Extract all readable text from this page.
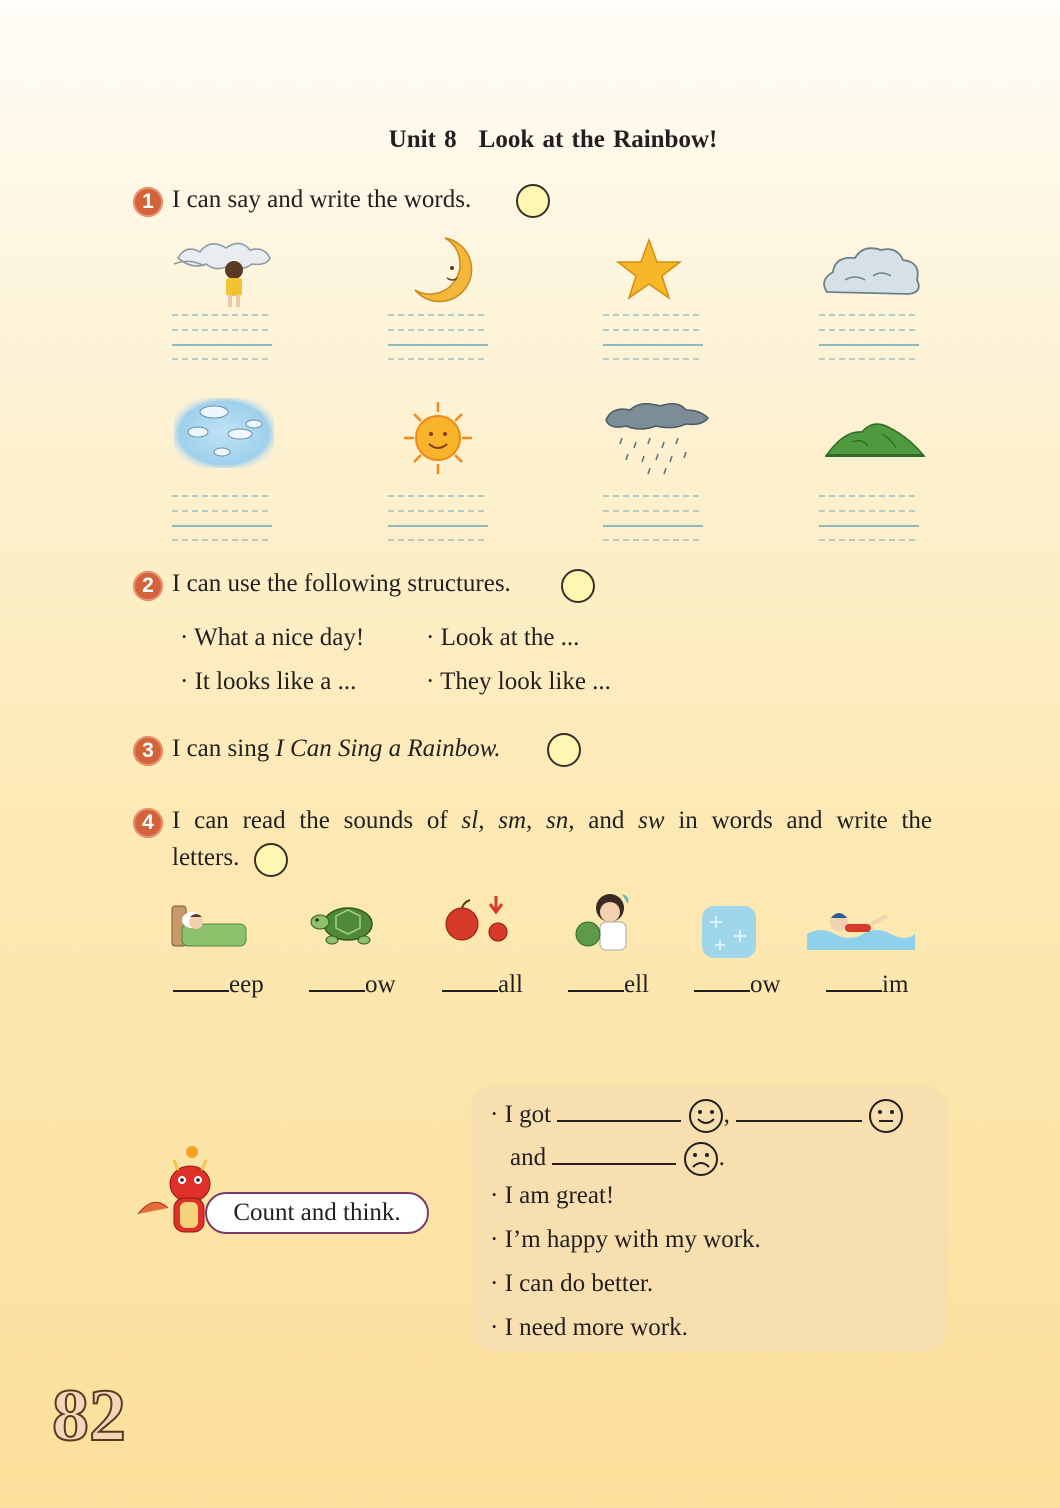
Unit 8 Look at the Rainbow!
1 I can say and write the words.
2 I can use the following structures.
· What a nice day! · Look at the ...
· It looks like a ...	· They look like ...
3 I can sing I Can Sing a Rainbow.
4 I can read the sounds of sl, sm, sn, and sw in words and write the
letters.
eep	ow	all	ell	ow	im
Count and think.
· I got	,
and	.
· I am great!
· I’m happy with my work.
· I can do better.
· I need more work.
82
